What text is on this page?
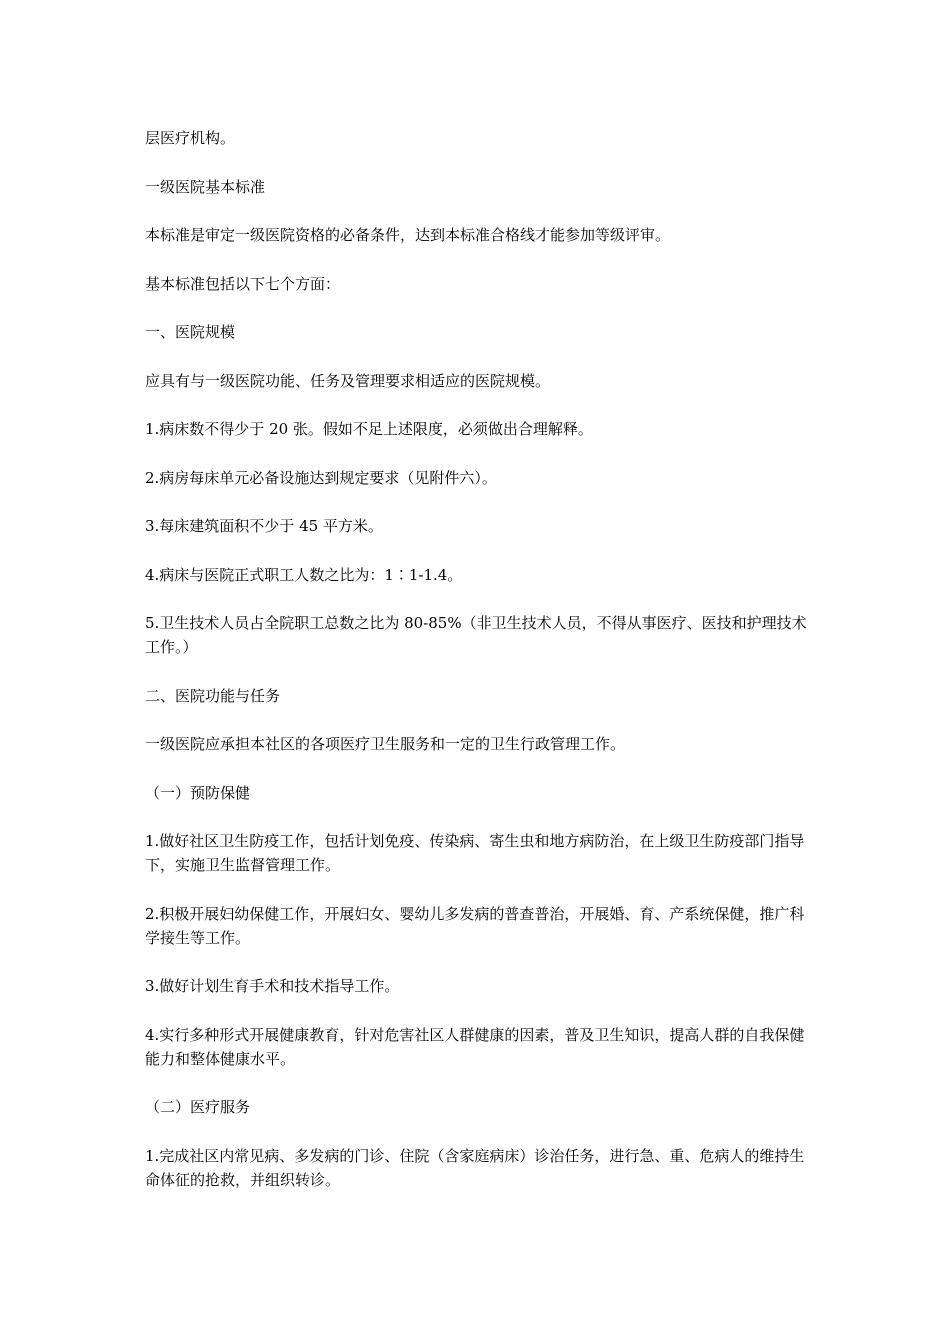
层医疗机构。

一级医院基本标准

本标准是审定一级医院资格的必备条件，达到本标准合格线才能参加等级评审。

基本标准包括以下七个方面：

一、医院规模

应具有与一级医院功能、任务及管理要求相适应的医院规模。

1.病床数不得少于 20 张。假如不足上述限度，必须做出合理解释。

2.病房每床单元必备设施达到规定要求（见附件六）。

3.每床建筑面积不少于 45 平方米。

4.病床与医院正式职工人数之比为：1∶1-1.4。

5.卫生技术人员占全院职工总数之比为 80-85%（非卫生技术人员，不得从事医疗、医技和护理技术工作。）

二、医院功能与任务

一级医院应承担本社区的各项医疗卫生服务和一定的卫生行政管理工作。

（一）预防保健

1.做好社区卫生防疫工作，包括计划免疫、传染病、寄生虫和地方病防治，在上级卫生防疫部门指导下，实施卫生监督管理工作。

2.积极开展妇幼保健工作，开展妇女、婴幼儿多发病的普查普治，开展婚、育、产系统保健，推广科学接生等工作。

3.做好计划生育手术和技术指导工作。

4.实行多种形式开展健康教育，针对危害社区人群健康的因素，普及卫生知识，提高人群的自我保健能力和整体健康水平。

（二）医疗服务

1.完成社区内常见病、多发病的门诊、住院（含家庭病床）诊治任务，进行急、重、危病人的维持生命体征的抢救，并组织转诊。
